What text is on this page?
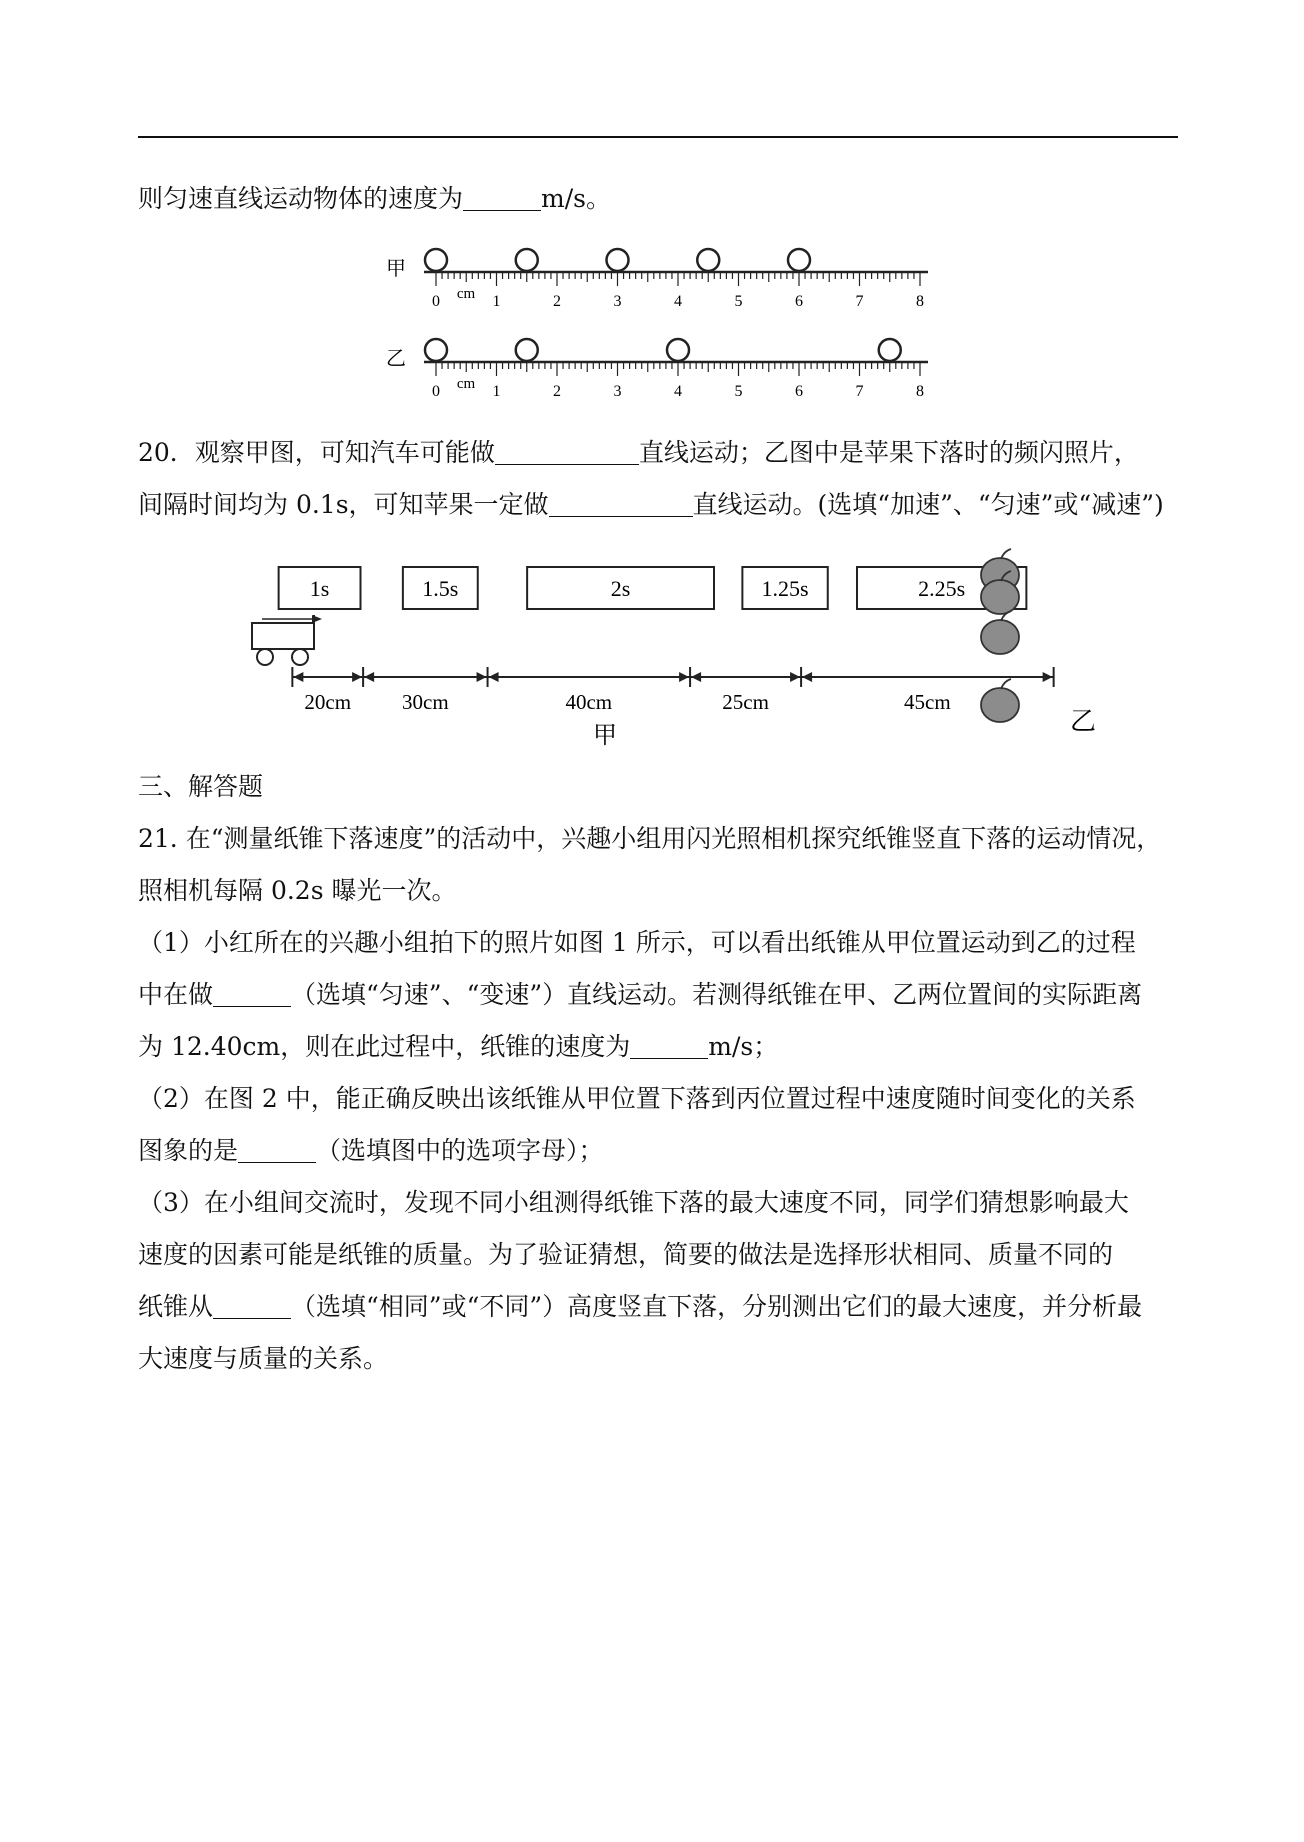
则匀速直线运动物体的速度为	m/s。
甲
乙
0	1	2	3	4	5	6	7	8
cm
0	1	2	3	4	5	6	7	8
cm
20．观察甲图，可知汽车可能做	直线运动；乙图中是苹果下落时的频闪照片，
间隔时间均为 0.1s，可知苹果一定做	直线运动。(选填“加速”、“匀速”或“减速”)
1s	1.5s	2s	1.25s	2.25s
20cm 30cm	40cm	25cm	45cm
甲	乙
三、解答题
21. 在“测量纸锥下落速度”的活动中，兴趣小组用闪光照相机探究纸锥竖直下落的运动情况，
照相机每隔 0.2s 曝光一次。
（1）小红所在的兴趣小组拍下的照片如图 1 所示，可以看出纸锥从甲位置运动到乙的过程
中在做	（选填“匀速”、“变速”）直线运动。若测得纸锥在甲、乙两位置间的实际距离
为 12.40cm，则在此过程中，纸锥的速度为	m/s；
（2）在图 2 中，能正确反映出该纸锥从甲位置下落到丙位置过程中速度随时间变化的关系
图象的是	（选填图中的选项字母）；
（3）在小组间交流时，发现不同小组测得纸锥下落的最大速度不同，同学们猜想影响最大
速度的因素可能是纸锥的质量。为了验证猜想，简要的做法是选择形状相同、质量不同的
纸锥从	（选填“相同”或“不同”）高度竖直下落，分别测出它们的最大速度，并分析最
大速度与质量的关系。
